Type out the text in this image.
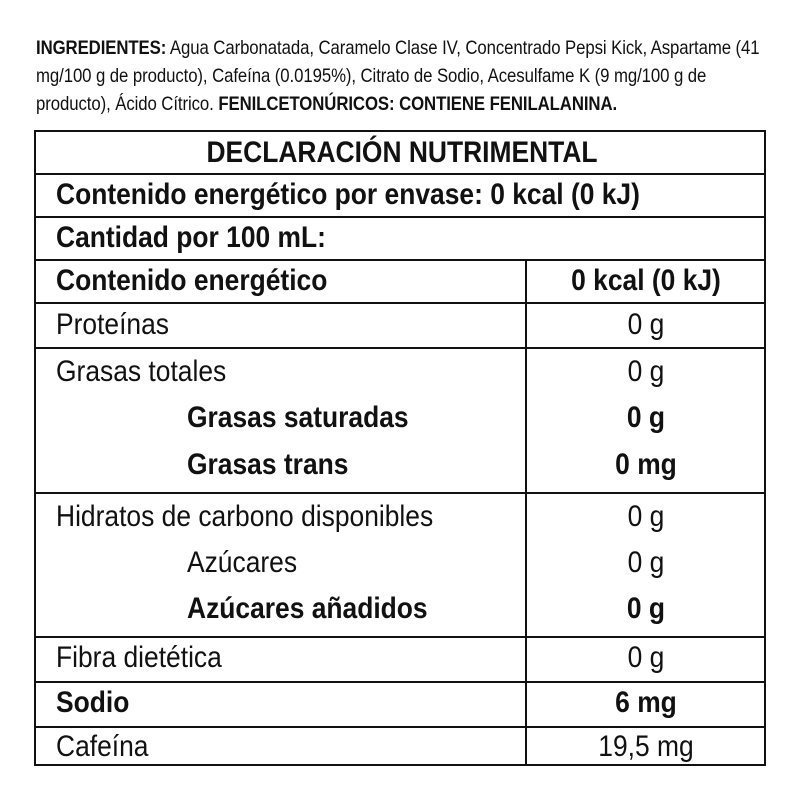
INGREDIENTES: Agua Carbonatada, Caramelo Clase IV, Concentrado Pepsi Kick, Aspartame (41 mg/100 g de producto), Cafeína (0.0195%), Citrato de Sodio, Acesulfame K (9 mg/100 g de producto), Ácido Cítrico. FENILCETONÚRICOS: CONTIENE FENILALANINA.
DECLARACIÓN NUTRIMENTAL
Contenido energético por envase: 0 kcal (0 kJ)
Cantidad por 100 mL:
Contenido energético
Proteínas
Grasas totales
Grasas saturadas
Grasas trans
Hidratos de carbono disponibles
Azúcares
Azúcares añadidos
Fibra dietética
Sodio
Cafeína
0 kcal (0 kJ)
0 g
0 g
0 g
0 mg
0 g
0 g
0 g
0 g
6 mg
19,5 mg
